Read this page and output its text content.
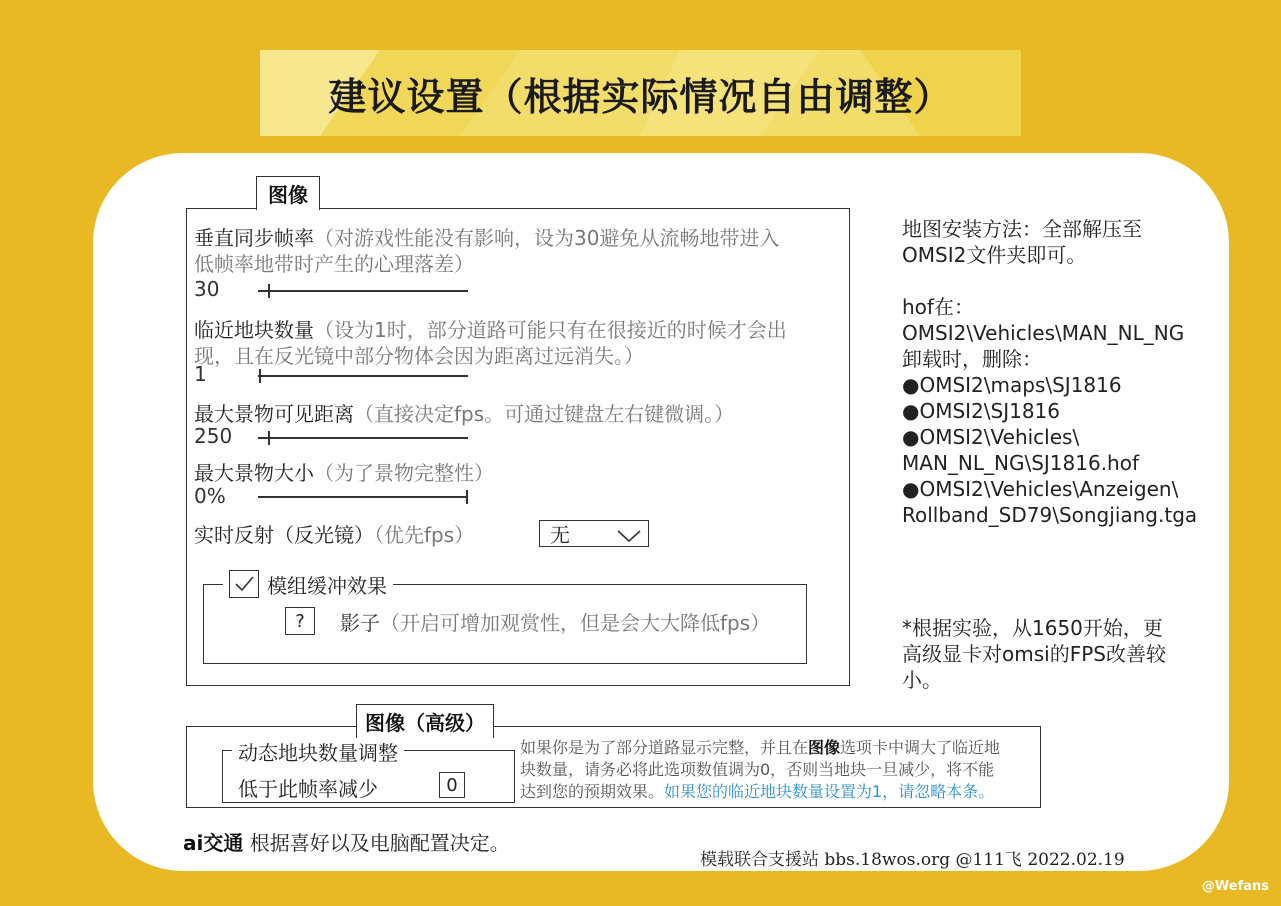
建议设置（根据实际情况自由调整）
图像
垂直同步帧率（对游戏性能没有影响，设为30避免从流畅地带进入
低帧率地带时产生的心理落差）
30
临近地块数量（设为1时，部分道路可能只有在很接近的时候才会出
现，且在反光镜中部分物体会因为距离过远消失。）
1
最大景物可见距离（直接决定fps。可通过键盘左右键微调。）
250
最大景物大小（为了景物完整性）
0%
实时反射（反光镜）（优先fps）	无
模组缓冲效果
?	影子（开启可增加观赏性，但是会大大降低fps）
地图安装方法：全部解压至
OMSI2文件夹即可。
hof在：
OMSI2\Vehicles\MAN_NL_NG
卸载时，删除：
●OMSI2\maps\SJ1816
●OMSI2\SJ1816
●OMSI2\Vehicles\
MAN_NL_NG\SJ1816.hof
●OMSI2\Vehicles\Anzeigen\
Rollband_SD79\Songjiang.tga
*根据实验，从1650开始，更
高级显卡对omsi的FPS改善较
小。
图像（高级）
动态地块数量调整
低于此帧率减少	0
如果你是为了部分道路显示完整，并且在图像选项卡中调大了临近地
块数量，请务必将此选项数值调为0，否则当地块一旦减少，将不能
达到您的预期效果。如果您的临近地块数量设置为1，请忽略本条。
ai交通 根据喜好以及电脑配置决定。
模载联合支援站 bbs.18wos.org @111飞 2022.02.19
@Wefans
